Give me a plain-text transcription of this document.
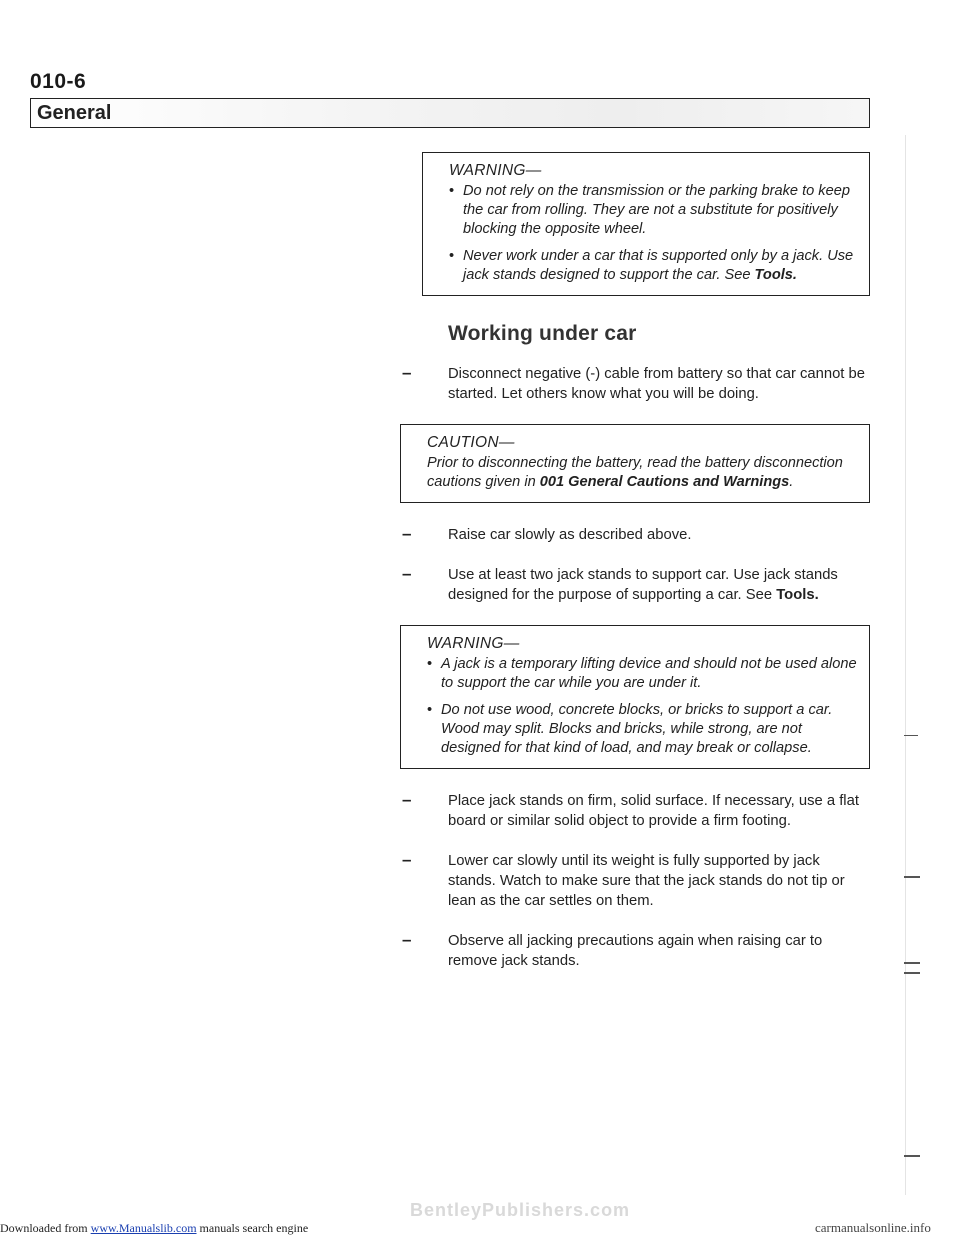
010-6
General
WARNING—
• Do not rely on the transmission or the parking brake to keep the car from rolling. They are not a substitute for positively blocking the opposite wheel.
• Never work under a car that is supported only by a jack. Use jack stands designed to support the car. See Tools.
Working under car
– Disconnect negative (-) cable from battery so that car cannot be started. Let others know what you will be doing.
CAUTION—

Prior to disconnecting the battery, read the battery disconnection cautions given in 001 General Cautions and Warnings.

– Raise car slowly as described above.
– Use at least two jack stands to support car. Use jack stands designed for the purpose of supporting a car. See Tools.
WARNING—
• A jack is a temporary lifting device and should not be used alone to support the car while you are under it.
• Do not use wood, concrete blocks, or bricks to support a car. Wood may split. Blocks and bricks, while strong, are not designed for that kind of load, and may break or collapse.
– Place jack stands on firm, solid surface. If necessary, use a flat board or similar solid object to provide a firm footing.
– Lower car slowly until its weight is fully supported by jack stands. Watch to make sure that the jack stands do not tip or lean as the car settles on them.
– Observe all jacking precautions again when raising car to remove jack stands.
BentleyPublishers.com
Downloaded from www.Manualslib.com manuals search engine	carmanualsonline.info
